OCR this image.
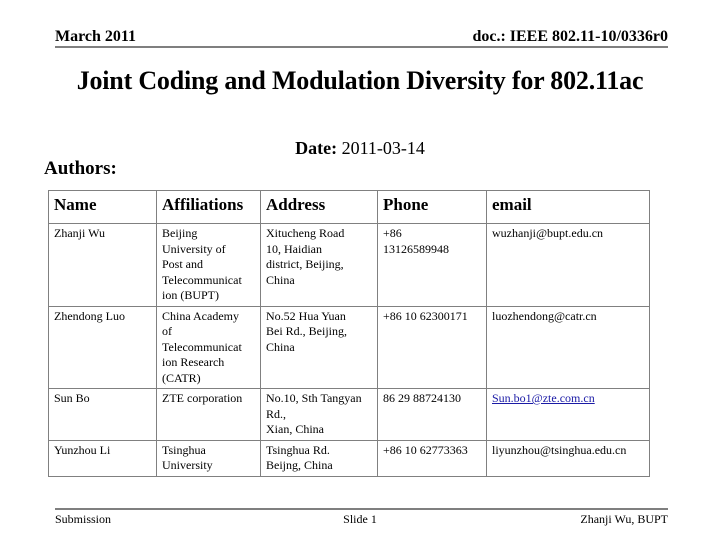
March 2011	doc.: IEEE 802.11-10/0336r0
Joint Coding and Modulation Diversity for 802.11ac
Date: 2011-03-14
Authors:
Name	Affiliations	Address	Phone	email
Zhanji Wu	Beijing
University of
Post and
Telecommunicat
ion (BUPT)	Xitucheng Road
10, Haidian
district, Beijing,
China	+86
13126589948	wuzhanji@bupt.edu.cn
Zhendong Luo	China Academy
of
Telecommunicat
ion Research
(CATR)	No.52 Hua Yuan
Bei Rd., Beijing,
China	+86 10 62300171	luozhendong@catr.cn
Sun Bo	ZTE corporation	No.10, Sth Tangyan
Rd.,
Xian, China	86 29 88724130	Sun.bo1@zte.com.cn
Yunzhou Li	Tsinghua
University	Tsinghua Rd.
Beijng, China	+86 10 62773363	liyunzhou@tsinghua.edu.cn
Submission	Slide 1	Zhanji Wu, BUPT
